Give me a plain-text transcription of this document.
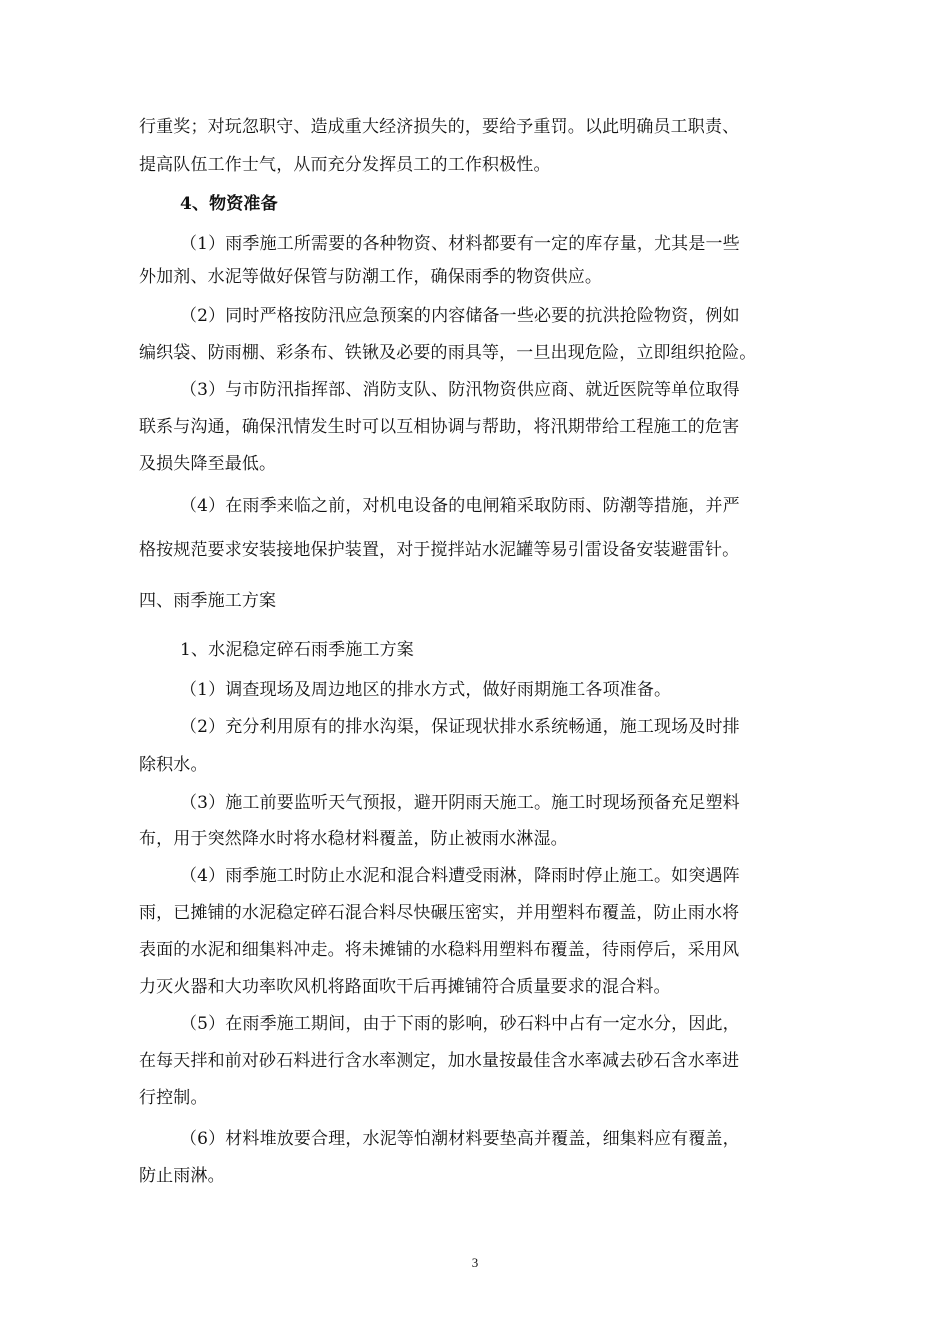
行重奖；对玩忽职守、造成重大经济损失的，要给予重罚。以此明确员工职责、
提高队伍工作士气，从而充分发挥员工的工作积极性。
4、物资准备
（1）雨季施工所需要的各种物资、材料都要有一定的库存量，尤其是一些
外加剂、水泥等做好保管与防潮工作，确保雨季的物资供应。
（2）同时严格按防汛应急预案的内容储备一些必要的抗洪抢险物资，例如
编织袋、防雨棚、彩条布、铁锹及必要的雨具等，一旦出现危险，立即组织抢险。
（3）与市防汛指挥部、消防支队、防汛物资供应商、就近医院等单位取得
联系与沟通，确保汛情发生时可以互相协调与帮助，将汛期带给工程施工的危害
及损失降至最低。
（4）在雨季来临之前，对机电设备的电闸箱采取防雨、防潮等措施，并严
格按规范要求安装接地保护装置，对于搅拌站水泥罐等易引雷设备安装避雷针。
四、雨季施工方案
1、水泥稳定碎石雨季施工方案
（1）调查现场及周边地区的排水方式，做好雨期施工各项准备。
（2）充分利用原有的排水沟渠，保证现状排水系统畅通，施工现场及时排
除积水。
（3）施工前要监听天气预报，避开阴雨天施工。施工时现场预备充足塑料
布，用于突然降水时将水稳材料覆盖，防止被雨水淋湿。
（4）雨季施工时防止水泥和混合料遭受雨淋，降雨时停止施工。如突遇阵
雨，已摊铺的水泥稳定碎石混合料尽快碾压密实，并用塑料布覆盖，防止雨水将
表面的水泥和细集料冲走。将未摊铺的水稳料用塑料布覆盖，待雨停后，采用风
力灭火器和大功率吹风机将路面吹干后再摊铺符合质量要求的混合料。
（5）在雨季施工期间，由于下雨的影响，砂石料中占有一定水分，因此，
在每天拌和前对砂石料进行含水率测定，加水量按最佳含水率减去砂石含水率进
行控制。
（6）材料堆放要合理，水泥等怕潮材料要垫高并覆盖，细集料应有覆盖，
防止雨淋。
3
